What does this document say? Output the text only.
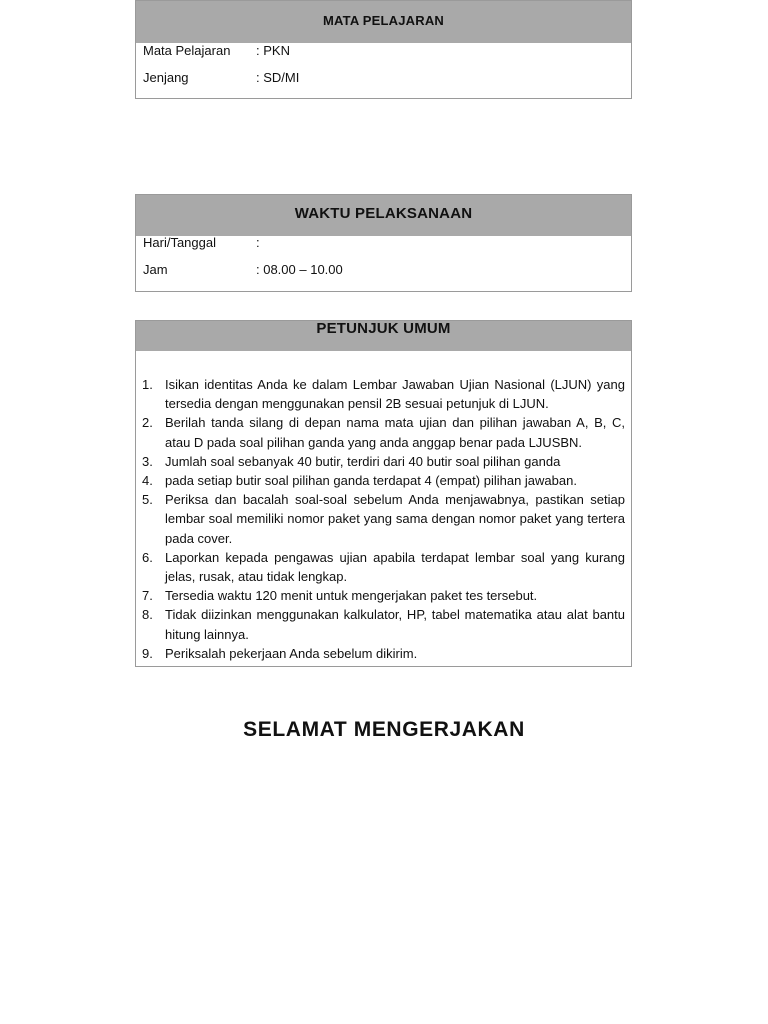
MATA PELAJARAN
Mata Pelajaran : PKN
Jenjang	: SD/MI
WAKTU PELAKSANAAN
Hari/Tanggal	:
Jam	: 08.00 – 10.00
PETUNJUK UMUM
1. Isikan identitas Anda ke dalam Lembar Jawaban Ujian Nasional (LJUN) yang tersedia dengan menggunakan pensil 2B sesuai petunjuk di LJUN.
2. Berilah tanda silang di depan nama mata ujian dan pilihan jawaban A, B, C, atau D pada soal pilihan ganda yang anda anggap benar pada LJUSBN.
3. Jumlah soal sebanyak 40 butir, terdiri dari 40 butir soal pilihan ganda
4. pada setiap butir soal pilihan ganda terdapat 4 (empat) pilihan jawaban.
5. Periksa dan bacalah soal-soal sebelum Anda menjawabnya, pastikan setiap lembar soal memiliki nomor paket yang sama dengan nomor paket yang tertera pada cover.
6. Laporkan kepada pengawas ujian apabila terdapat lembar soal yang kurang jelas, rusak, atau tidak lengkap.
7. Tersedia waktu 120 menit untuk mengerjakan paket tes tersebut.
8. Tidak diizinkan menggunakan kalkulator, HP, tabel matematika atau alat bantu hitung lainnya.
9. Periksalah pekerjaan Anda sebelum dikirim.
SELAMAT MENGERJAKAN
